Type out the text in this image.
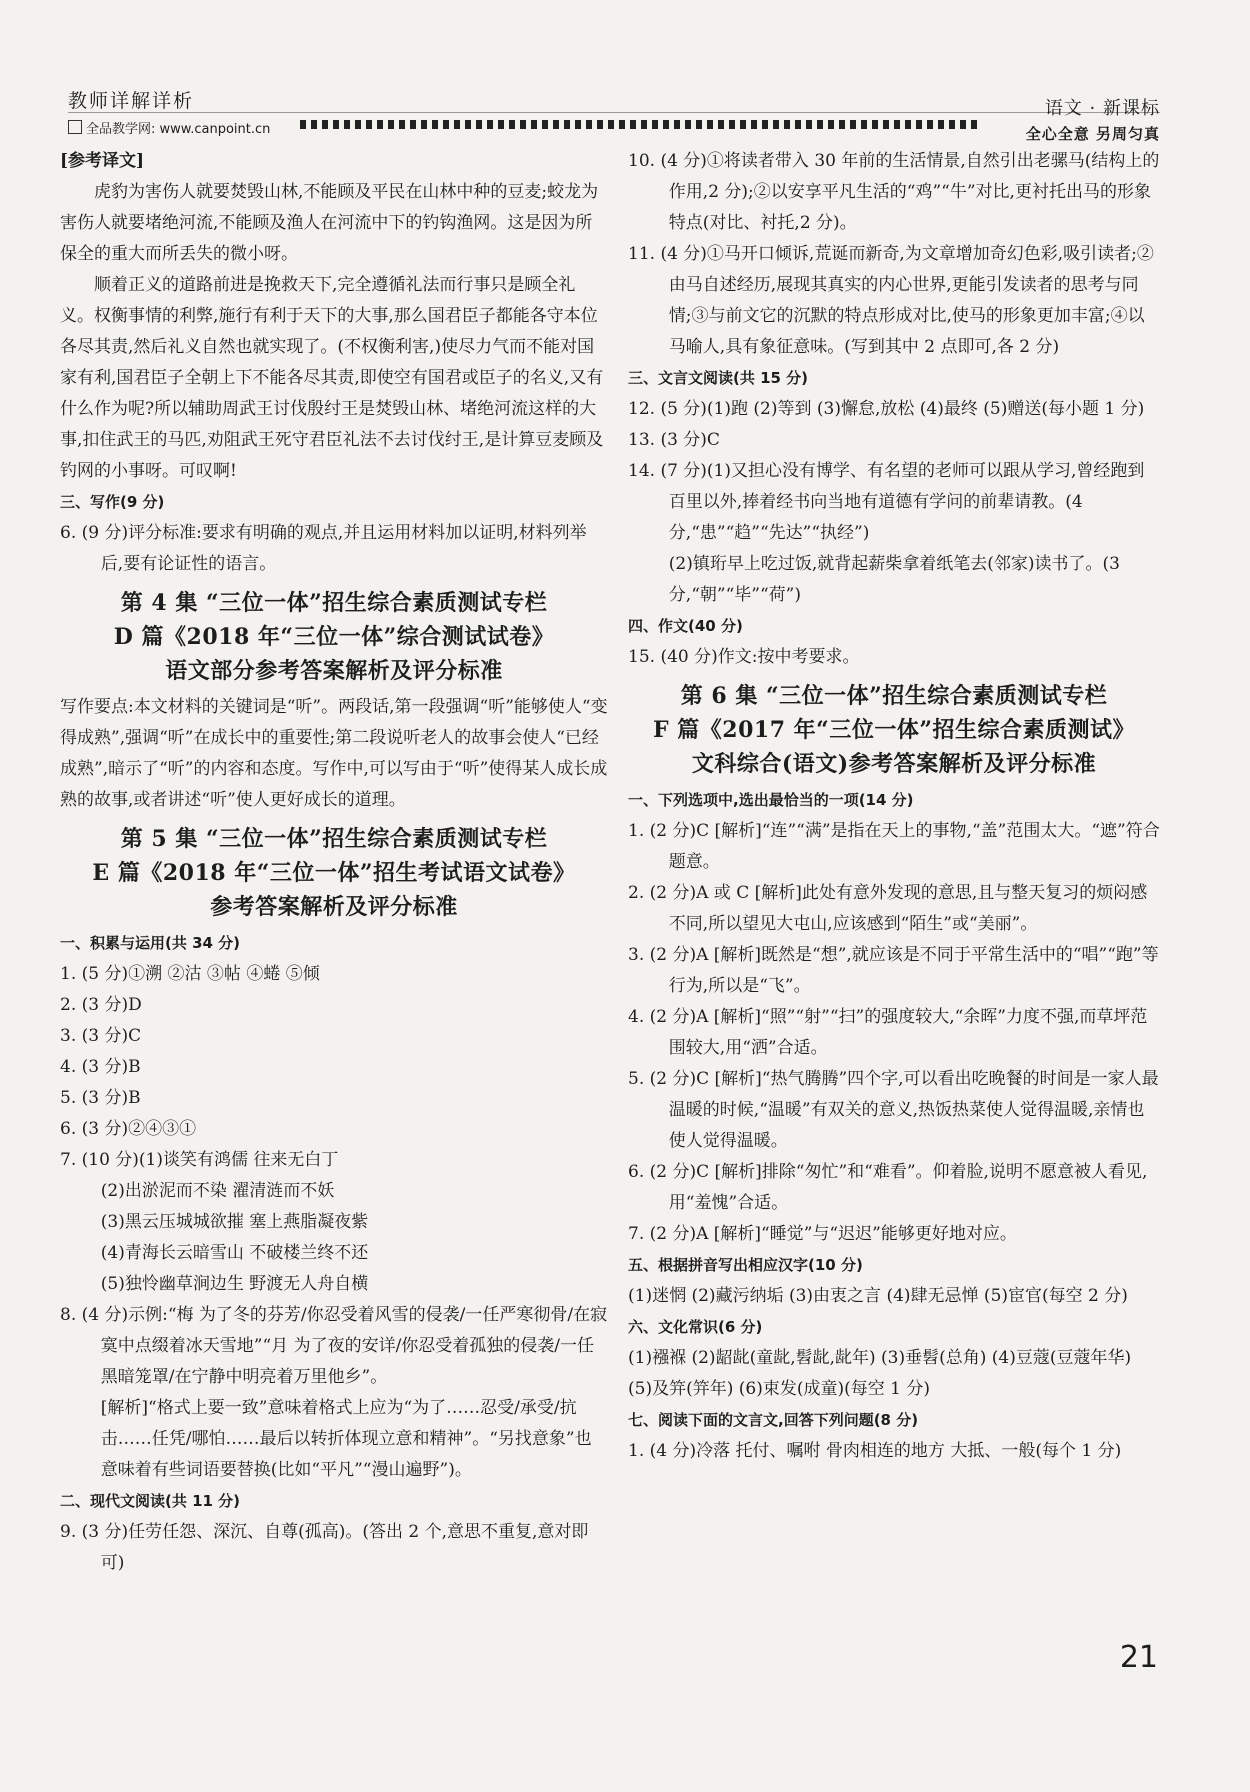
教师详解详析
全品教学网: www.canpoint.cn
语文 · 新课标
全心全意 另周匀真
[参考译文]
虎豹为害伤人就要焚毁山林,不能顾及平民在山林中种的豆麦;蛟龙为害伤人就要堵绝河流,不能顾及渔人在河流中下的钓钩渔网。这是因为所保全的重大而所丢失的微小呀。
顺着正义的道路前进是挽救天下,完全遵循礼法而行事只是顾全礼义。权衡事情的利弊,施行有利于天下的大事,那么国君臣子都能各守本位各尽其责,然后礼义自然也就实现了。(不权衡利害,)使尽力气而不能对国家有利,国君臣子全朝上下不能各尽其责,即使空有国君或臣子的名义,又有什么作为呢?所以辅助周武王讨伐殷纣王是焚毁山林、堵绝河流这样的大事,扣住武王的马匹,劝阻武王死守君臣礼法不去讨伐纣王,是计算豆麦顾及钓网的小事呀。可叹啊!
三、写作(9 分)
6. (9 分)评分标准:要求有明确的观点,并且运用材料加以证明,材料列举后,要有论证性的语言。
第 4 集 “三位一体”招生综合素质测试专栏
D 篇《2018 年“三位一体”综合测试试卷》
语文部分参考答案解析及评分标准
写作要点:本文材料的关键词是“听”。两段话,第一段强调“听”能够使人“变得成熟”,强调“听”在成长中的重要性;第二段说听老人的故事会使人“已经成熟”,暗示了“听”的内容和态度。写作中,可以写由于“听”使得某人成长成熟的故事,或者讲述“听”使人更好成长的道理。
第 5 集 “三位一体”招生综合素质测试专栏
E 篇《2018 年“三位一体”招生考试语文试卷》
参考答案解析及评分标准
一、积累与运用(共 34 分)
1. (5 分)①溯 ②沽 ③帖 ④蜷 ⑤倾
2. (3 分)D
3. (3 分)C
4. (3 分)B
5. (3 分)B
6. (3 分)②④③①
7. (10 分)(1)谈笑有鸿儒 往来无白丁
(2)出淤泥而不染 濯清涟而不妖
(3)黑云压城城欲摧 塞上燕脂凝夜紫
(4)青海长云暗雪山 不破楼兰终不还
(5)独怜幽草涧边生 野渡无人舟自横
8. (4 分)示例:“梅 为了冬的芬芳/你忍受着风雪的侵袭/一任严寒彻骨/在寂寞中点缀着冰天雪地”“月 为了夜的安详/你忍受着孤独的侵袭/一任黑暗笼罩/在宁静中明亮着万里他乡”。
[解析]“格式上要一致”意味着格式上应为“为了……忍受/承受/抗击……任凭/哪怕……最后以转折体现立意和精神”。“另找意象”也意味着有些词语要替换(比如“平凡”“漫山遍野”)。
二、现代文阅读(共 11 分)
9. (3 分)任劳任怨、深沉、自尊(孤高)。(答出 2 个,意思不重复,意对即可)
10. (4 分)①将读者带入 30 年前的生活情景,自然引出老骡马(结构上的作用,2 分);②以安享平凡生活的“鸡”“牛”对比,更衬托出马的形象特点(对比、衬托,2 分)。
11. (4 分)①马开口倾诉,荒诞而新奇,为文章增加奇幻色彩,吸引读者;②由马自述经历,展现其真实的内心世界,更能引发读者的思考与同情;③与前文它的沉默的特点形成对比,使马的形象更加丰富;④以马喻人,具有象征意味。(写到其中 2 点即可,各 2 分)
三、文言文阅读(共 15 分)
12. (5 分)(1)跑 (2)等到 (3)懈怠,放松 (4)最终 (5)赠送(每小题 1 分)
13. (3 分)C
14. (7 分)(1)又担心没有博学、有名望的老师可以跟从学习,曾经跑到百里以外,捧着经书向当地有道德有学问的前辈请教。(4 分,“患”“趋”“先达”“执经”)
(2)镇珩早上吃过饭,就背起薪柴拿着纸笔去(邻家)读书了。(3 分,“朝”“毕”“荷”)
四、作文(40 分)
15. (40 分)作文:按中考要求。
第 6 集 “三位一体”招生综合素质测试专栏
F 篇《2017 年“三位一体”招生综合素质测试》
文科综合(语文)参考答案解析及评分标准
一、下列选项中,选出最恰当的一项(14 分)
1. (2 分)C [解析]“连”“满”是指在天上的事物,“盖”范围太大。“遮”符合题意。
2. (2 分)A 或 C [解析]此处有意外发现的意思,且与整天复习的烦闷感不同,所以望见大屯山,应该感到“陌生”或“美丽”。
3. (2 分)A [解析]既然是“想”,就应该是不同于平常生活中的“唱”“跑”等行为,所以是“飞”。
4. (2 分)A [解析]“照”“射”“扫”的强度较大,“余晖”力度不强,而草坪范围较大,用“洒”合适。
5. (2 分)C [解析]“热气腾腾”四个字,可以看出吃晚餐的时间是一家人最温暖的时候,“温暖”有双关的意义,热饭热菜使人觉得温暖,亲情也使人觉得温暖。
6. (2 分)C [解析]排除“匆忙”和“难看”。仰着脸,说明不愿意被人看见,用“羞愧”合适。
7. (2 分)A [解析]“睡觉”与“迟迟”能够更好地对应。
五、根据拼音写出相应汉字(10 分)
(1)迷惘 (2)藏污纳垢 (3)由衷之言 (4)肆无忌惮 (5)宦官(每空 2 分)
六、文化常识(6 分)
(1)襁褓 (2)龆龀(童龀,髫龀,龀年) (3)垂髫(总角) (4)豆蔻(豆蔻年华) (5)及笄(笄年) (6)束发(成童)(每空 1 分)
七、阅读下面的文言文,回答下列问题(8 分)
1. (4 分)冷落 托付、嘱咐 骨肉相连的地方 大抵、一般(每个 1 分)
21
